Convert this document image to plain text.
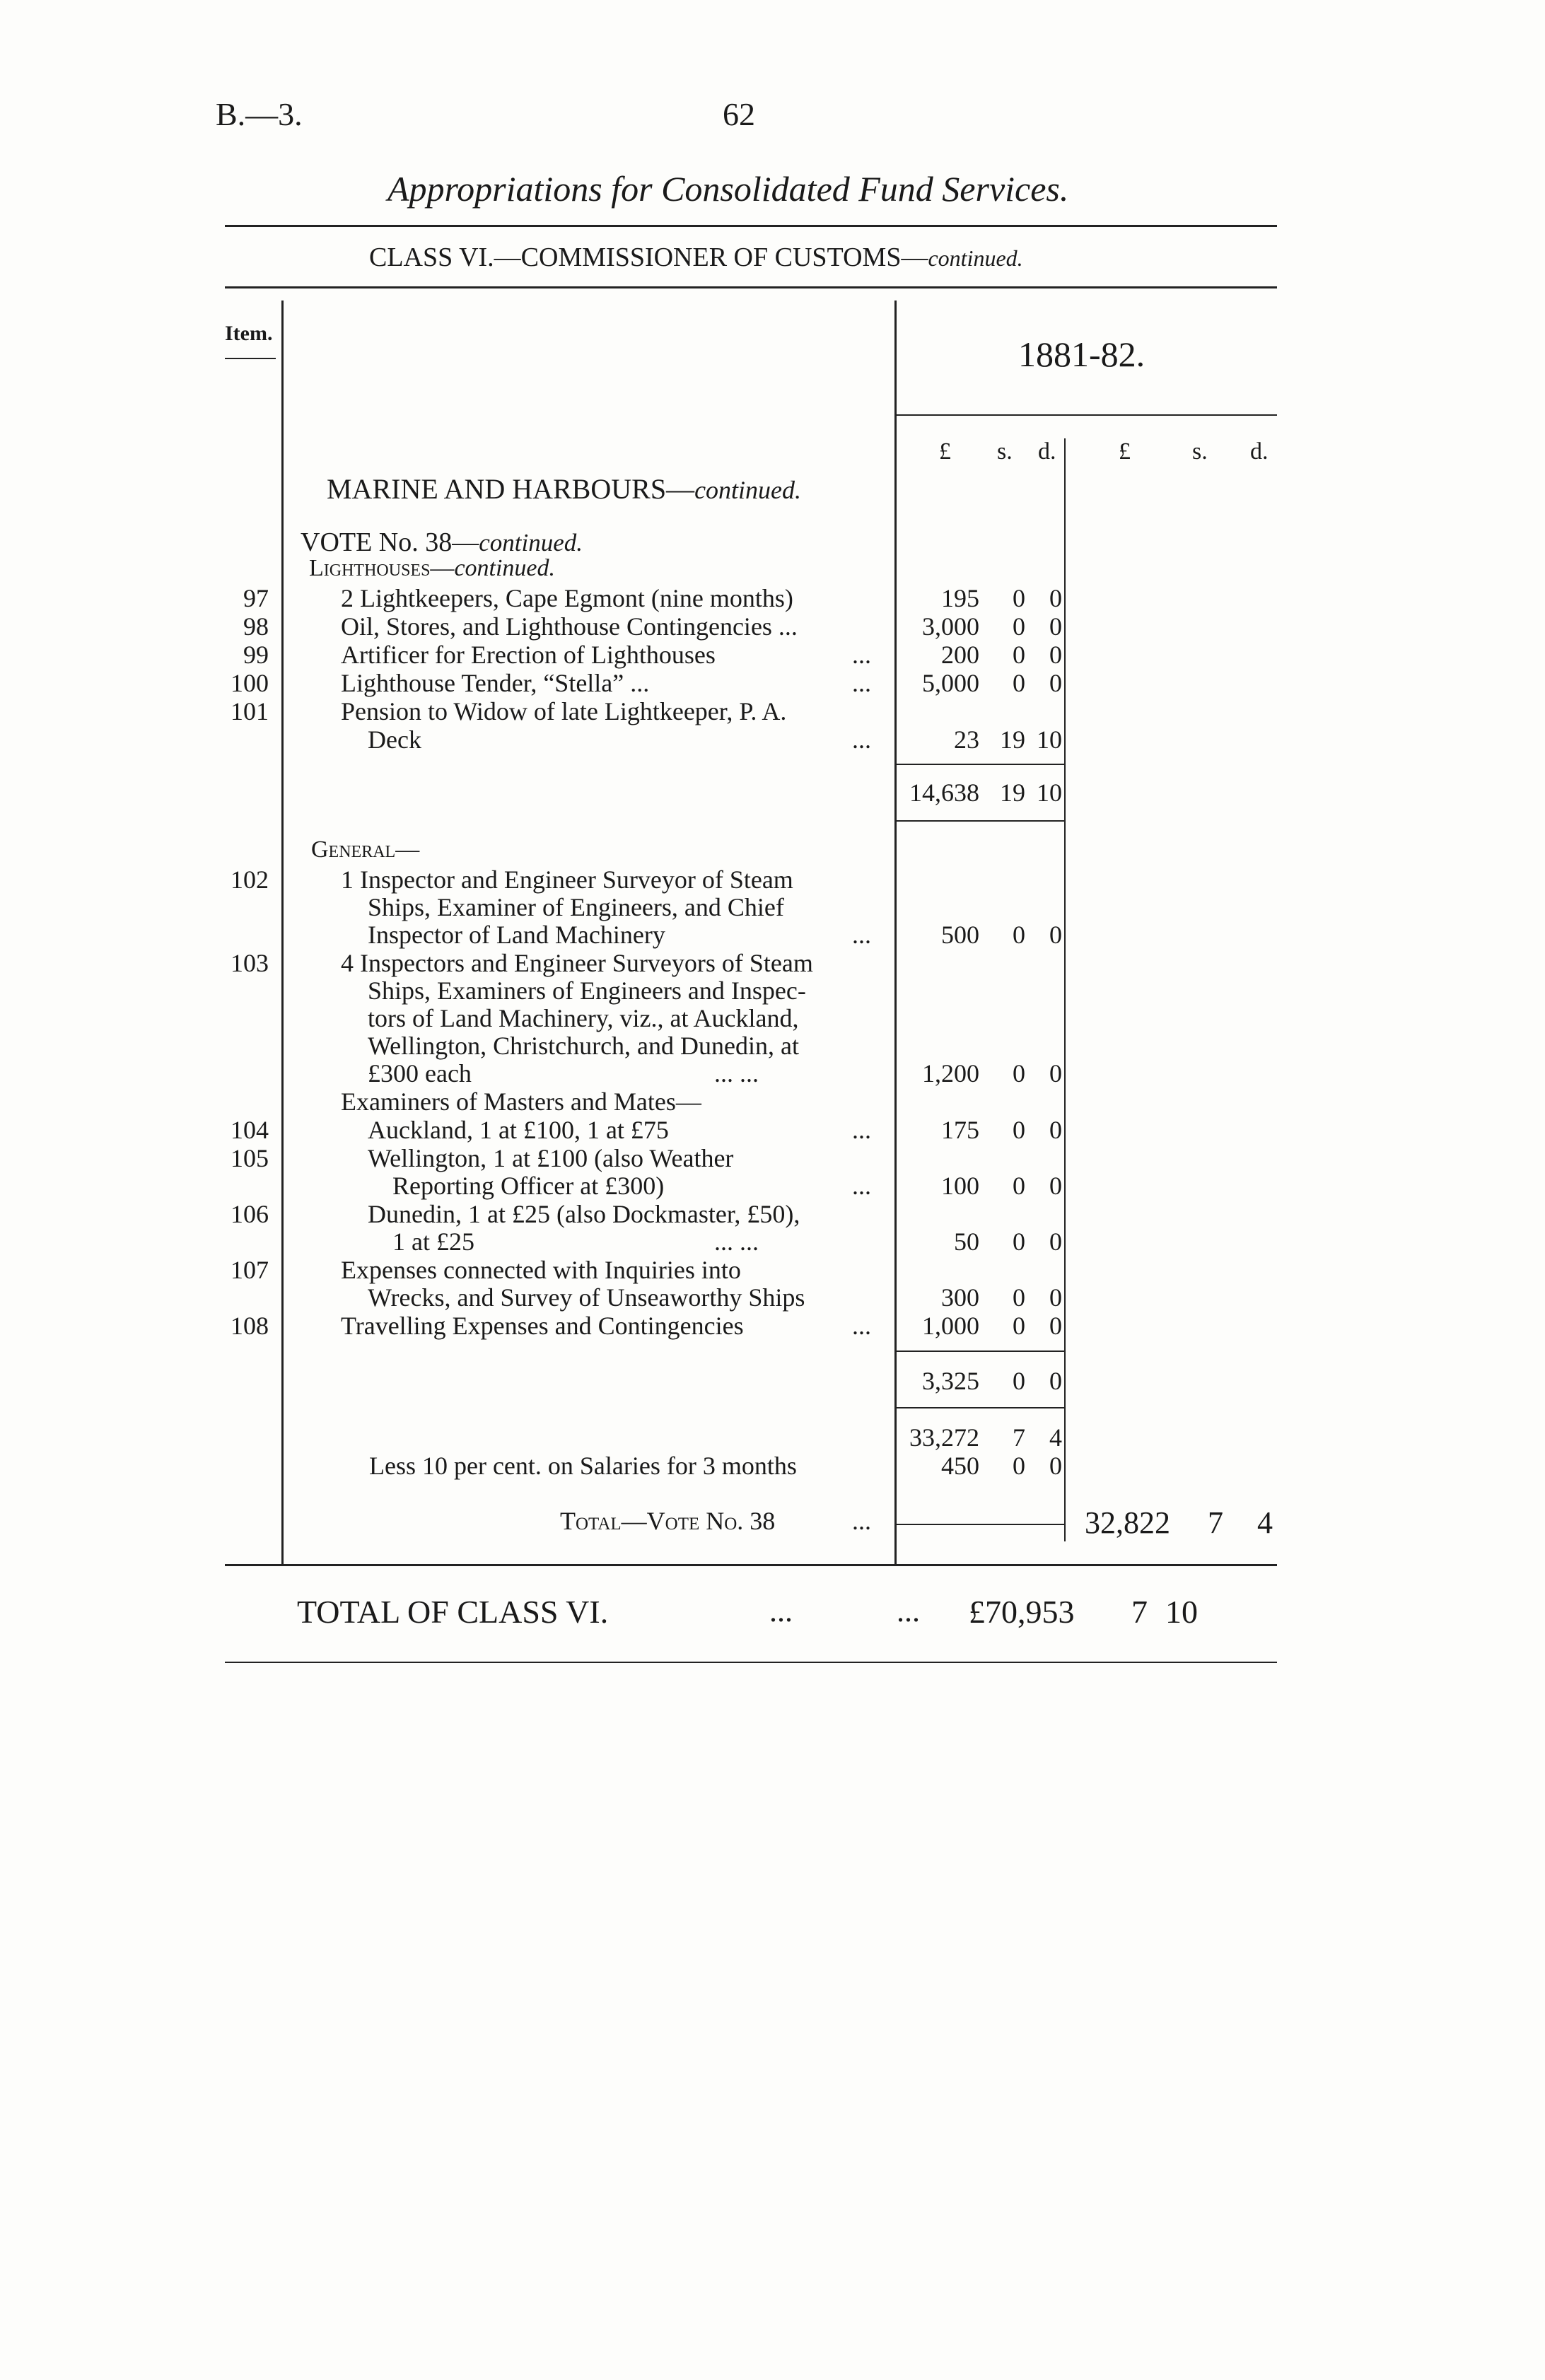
B.—3.	62
Appropriations for Consolidated Fund Services.
CLASS VI.—COMMISSIONER OF CUSTOMS—continued.
Item.
1881-82.
£ s. d.	£	s. d.
MARINE AND HARBOURS—continued.
VOTE No. 38—continued.
Lighthouses—continued.
97	2 Lightkeepers, Cape Egmont (nine months)	195 0 0
98	Oil, Stores, and Lighthouse Contingencies ...	3,000 0 0
99	Artificer for Erection of Lighthouses	...	200 0 0
100	Lighthouse Tender, “Stella” ...	... 5,000 0 0
101	Pension to Widow of late Lightkeeper, P. A.
Deck	...	23 19 10
14,638 19 10
General—
102	1 Inspector and Engineer Surveyor of Steam
Ships, Examiner of Engineers, and Chief
Inspector of Land Machinery	...	500 0 0
103	4 Inspectors and Engineer Surveyors of Steam
Ships, Examiners of Engineers and Inspec-
tors of Land Machinery, viz., at Auckland,
Wellington, Christchurch, and Dunedin, at
£300 each	... ...	1,200 0 0
Examiners of Masters and Mates—
104	Auckland, 1 at £100, 1 at £75	...	175 0 0
105	Wellington, 1 at £100 (also Weather
Reporting Officer at £300)	...	100 0 0
106	Dunedin, 1 at £25 (also Dockmaster, £50),
1 at £25	... ...	50 0 0
107	Expenses connected with Inquiries into
Wrecks, and Survey of Unseaworthy Ships	300 0 0
108	Travelling Expenses and Contingencies	... 1,000 0 0
3,325 0 0
33,272 7 4
Less 10 per cent. on Salaries for 3 months	450 0 0
Total—Vote No. 38	...	32,822 7 4
TOTAL OF CLASS VI.	...	... £70,953 7 10
